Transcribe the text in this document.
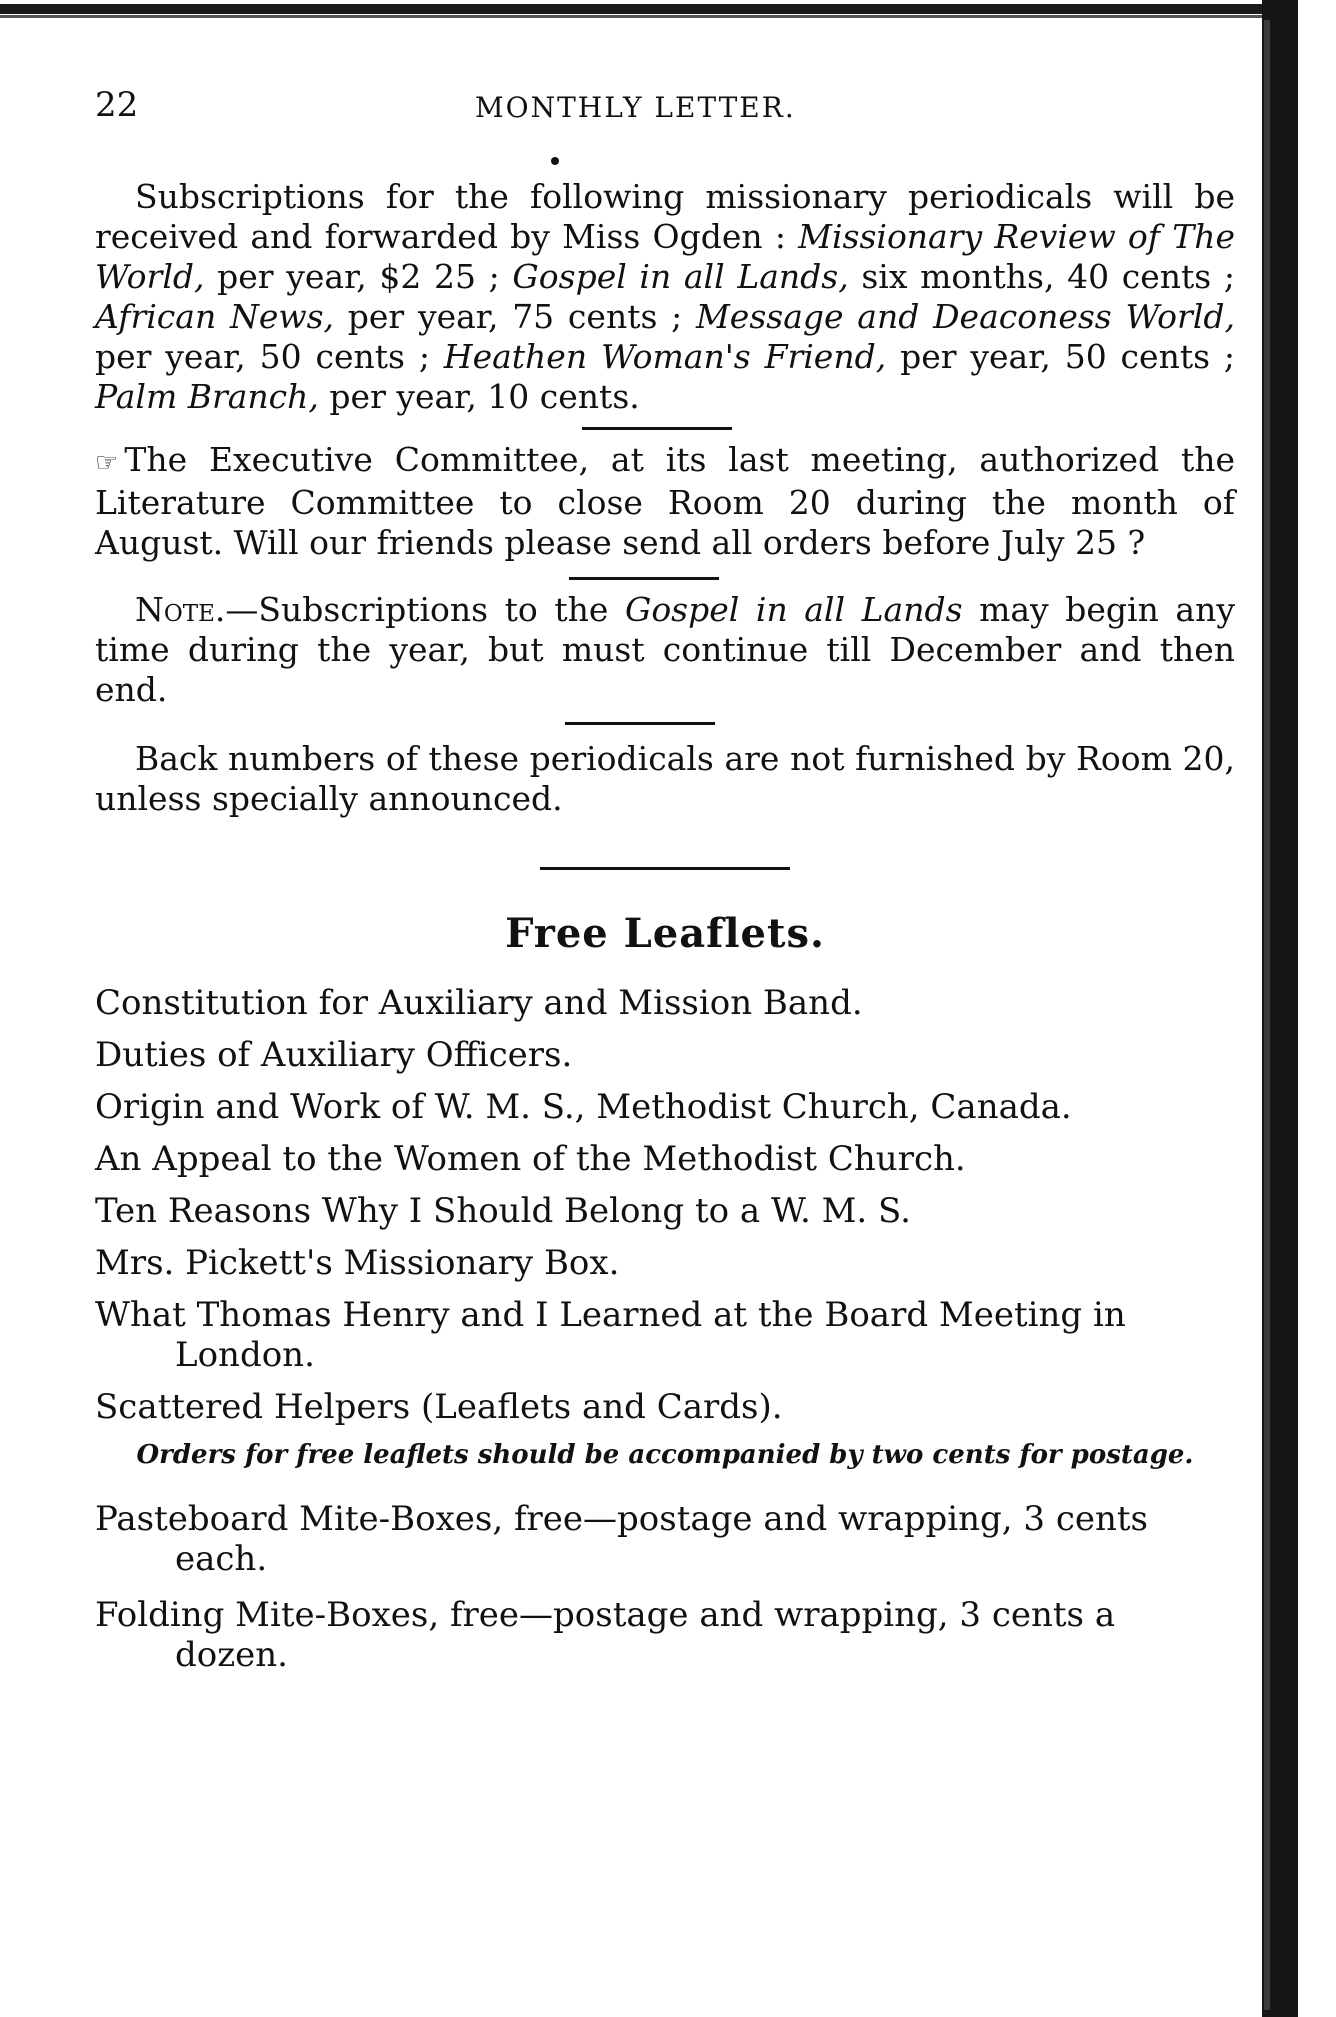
22	MONTHLY LETTER.

Subscriptions for the following missionary periodicals will be received and forwarded by Miss Ogden : Missionary Review of The World, per year, $2 25 ; Gospel in all Lands, six months, 40 cents ; African News, per year, 75 cents ; Message and Deaconess World, per year, 50 cents ; Heathen Woman's Friend, per year, 50 cents ; Palm Branch, per year, 10 cents.

☞ The Executive Committee, at its last meeting, authorized the Literature Committee to close Room 20 during the month of August. Will our friends please send all orders before July 25 ?

Note.—Subscriptions to the Gospel in all Lands may begin any time during the year, but must continue till December and then end.

Back numbers of these periodicals are not furnished by Room 20, unless specially announced.

Free Leaflets.
Constitution for Auxiliary and Mission Band.
Duties of Auxiliary Officers.
Origin and Work of W. M. S., Methodist Church, Canada.
An Appeal to the Women of the Methodist Church.
Ten Reasons Why I Should Belong to a W. M. S.
Mrs. Pickett's Missionary Box.
What Thomas Henry and I Learned at the Board Meeting in London.
Scattered Helpers (Leaflets and Cards).
Orders for free leaflets should be accompanied by two cents for postage.
Pasteboard Mite-Boxes, free—postage and wrapping, 3 cents each.
Folding Mite-Boxes, free—postage and wrapping, 3 cents a dozen.
